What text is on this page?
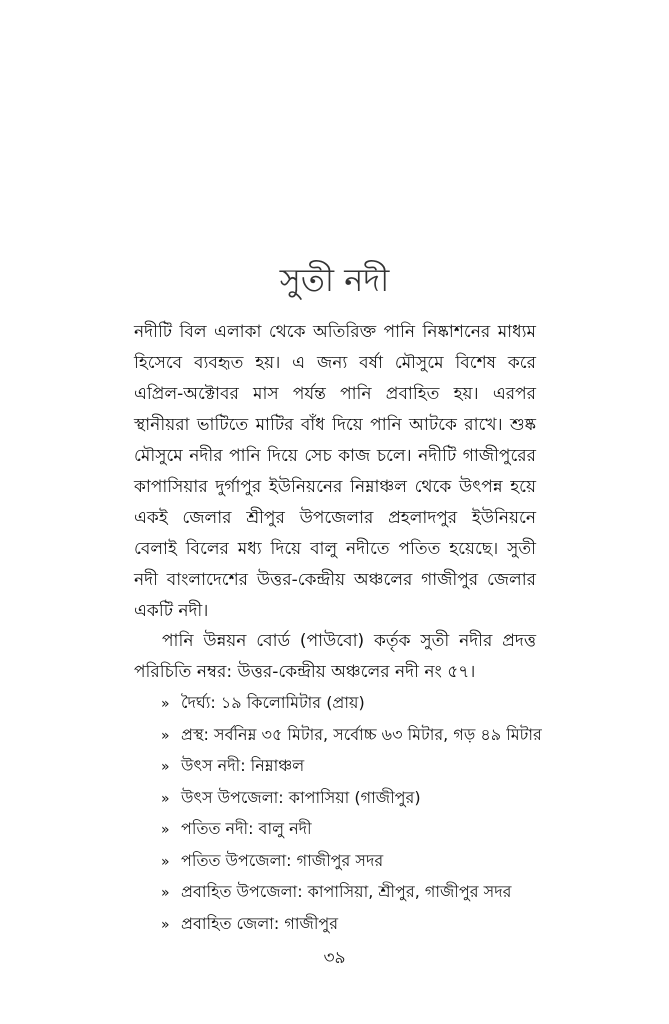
সুতী নদী

নদীটি বিল এলাকা থেকে অতিরিক্ত পানি নিষ্কাশনের মাধ্যম হিসেবে ব্যবহৃত হয়। এ জন্য বর্ষা মৌসুমে বিশেষ করে এপ্রিল-অক্টোবর মাস পর্যন্ত পানি প্রবাহিত হয়। এরপর স্থানীয়রা ভাটিতে মাটির বাঁধ দিয়ে পানি আটকে রাখে। শুষ্ক মৌসুমে নদীর পানি দিয়ে সেচ কাজ চলে। নদীটি গাজীপুরের কাপাসিয়ার দুর্গাপুর ইউনিয়নের নিম্নাঞ্চল থেকে উৎপন্ন হয়ে একই জেলার শ্রীপুর উপজেলার প্রহলাদপুর ইউনিয়নে বেলাই বিলের মধ্য দিয়ে বালু নদীতে পতিত হয়েছে। সুতী নদী বাংলাদেশের উত্তর-কেন্দ্রীয় অঞ্চলের গাজীপুর জেলার একটি নদী।

পানি উন্নয়ন বোর্ড (পাউবো) কর্তৃক সুতী নদীর প্রদত্ত পরিচিতি নম্বর: উত্তর-কেন্দ্রীয় অঞ্চলের নদী নং ৫৭।

» দৈর্ঘ্য: ১৯ কিলোমিটার (প্রায়)
» প্রস্থ: সর্বনিম্ন ৩৫ মিটার, সর্বোচ্চ ৬৩ মিটার, গড় ৪৯ মিটার
» উৎস নদী: নিম্নাঞ্চল
» উৎস উপজেলা: কাপাসিয়া (গাজীপুর)
» পতিত নদী: বালু নদী
» পতিত উপজেলা: গাজীপুর সদর
» প্রবাহিত উপজেলা: কাপাসিয়া, শ্রীপুর, গাজীপুর সদর
» প্রবাহিত জেলা: গাজীপুর
৩৯
